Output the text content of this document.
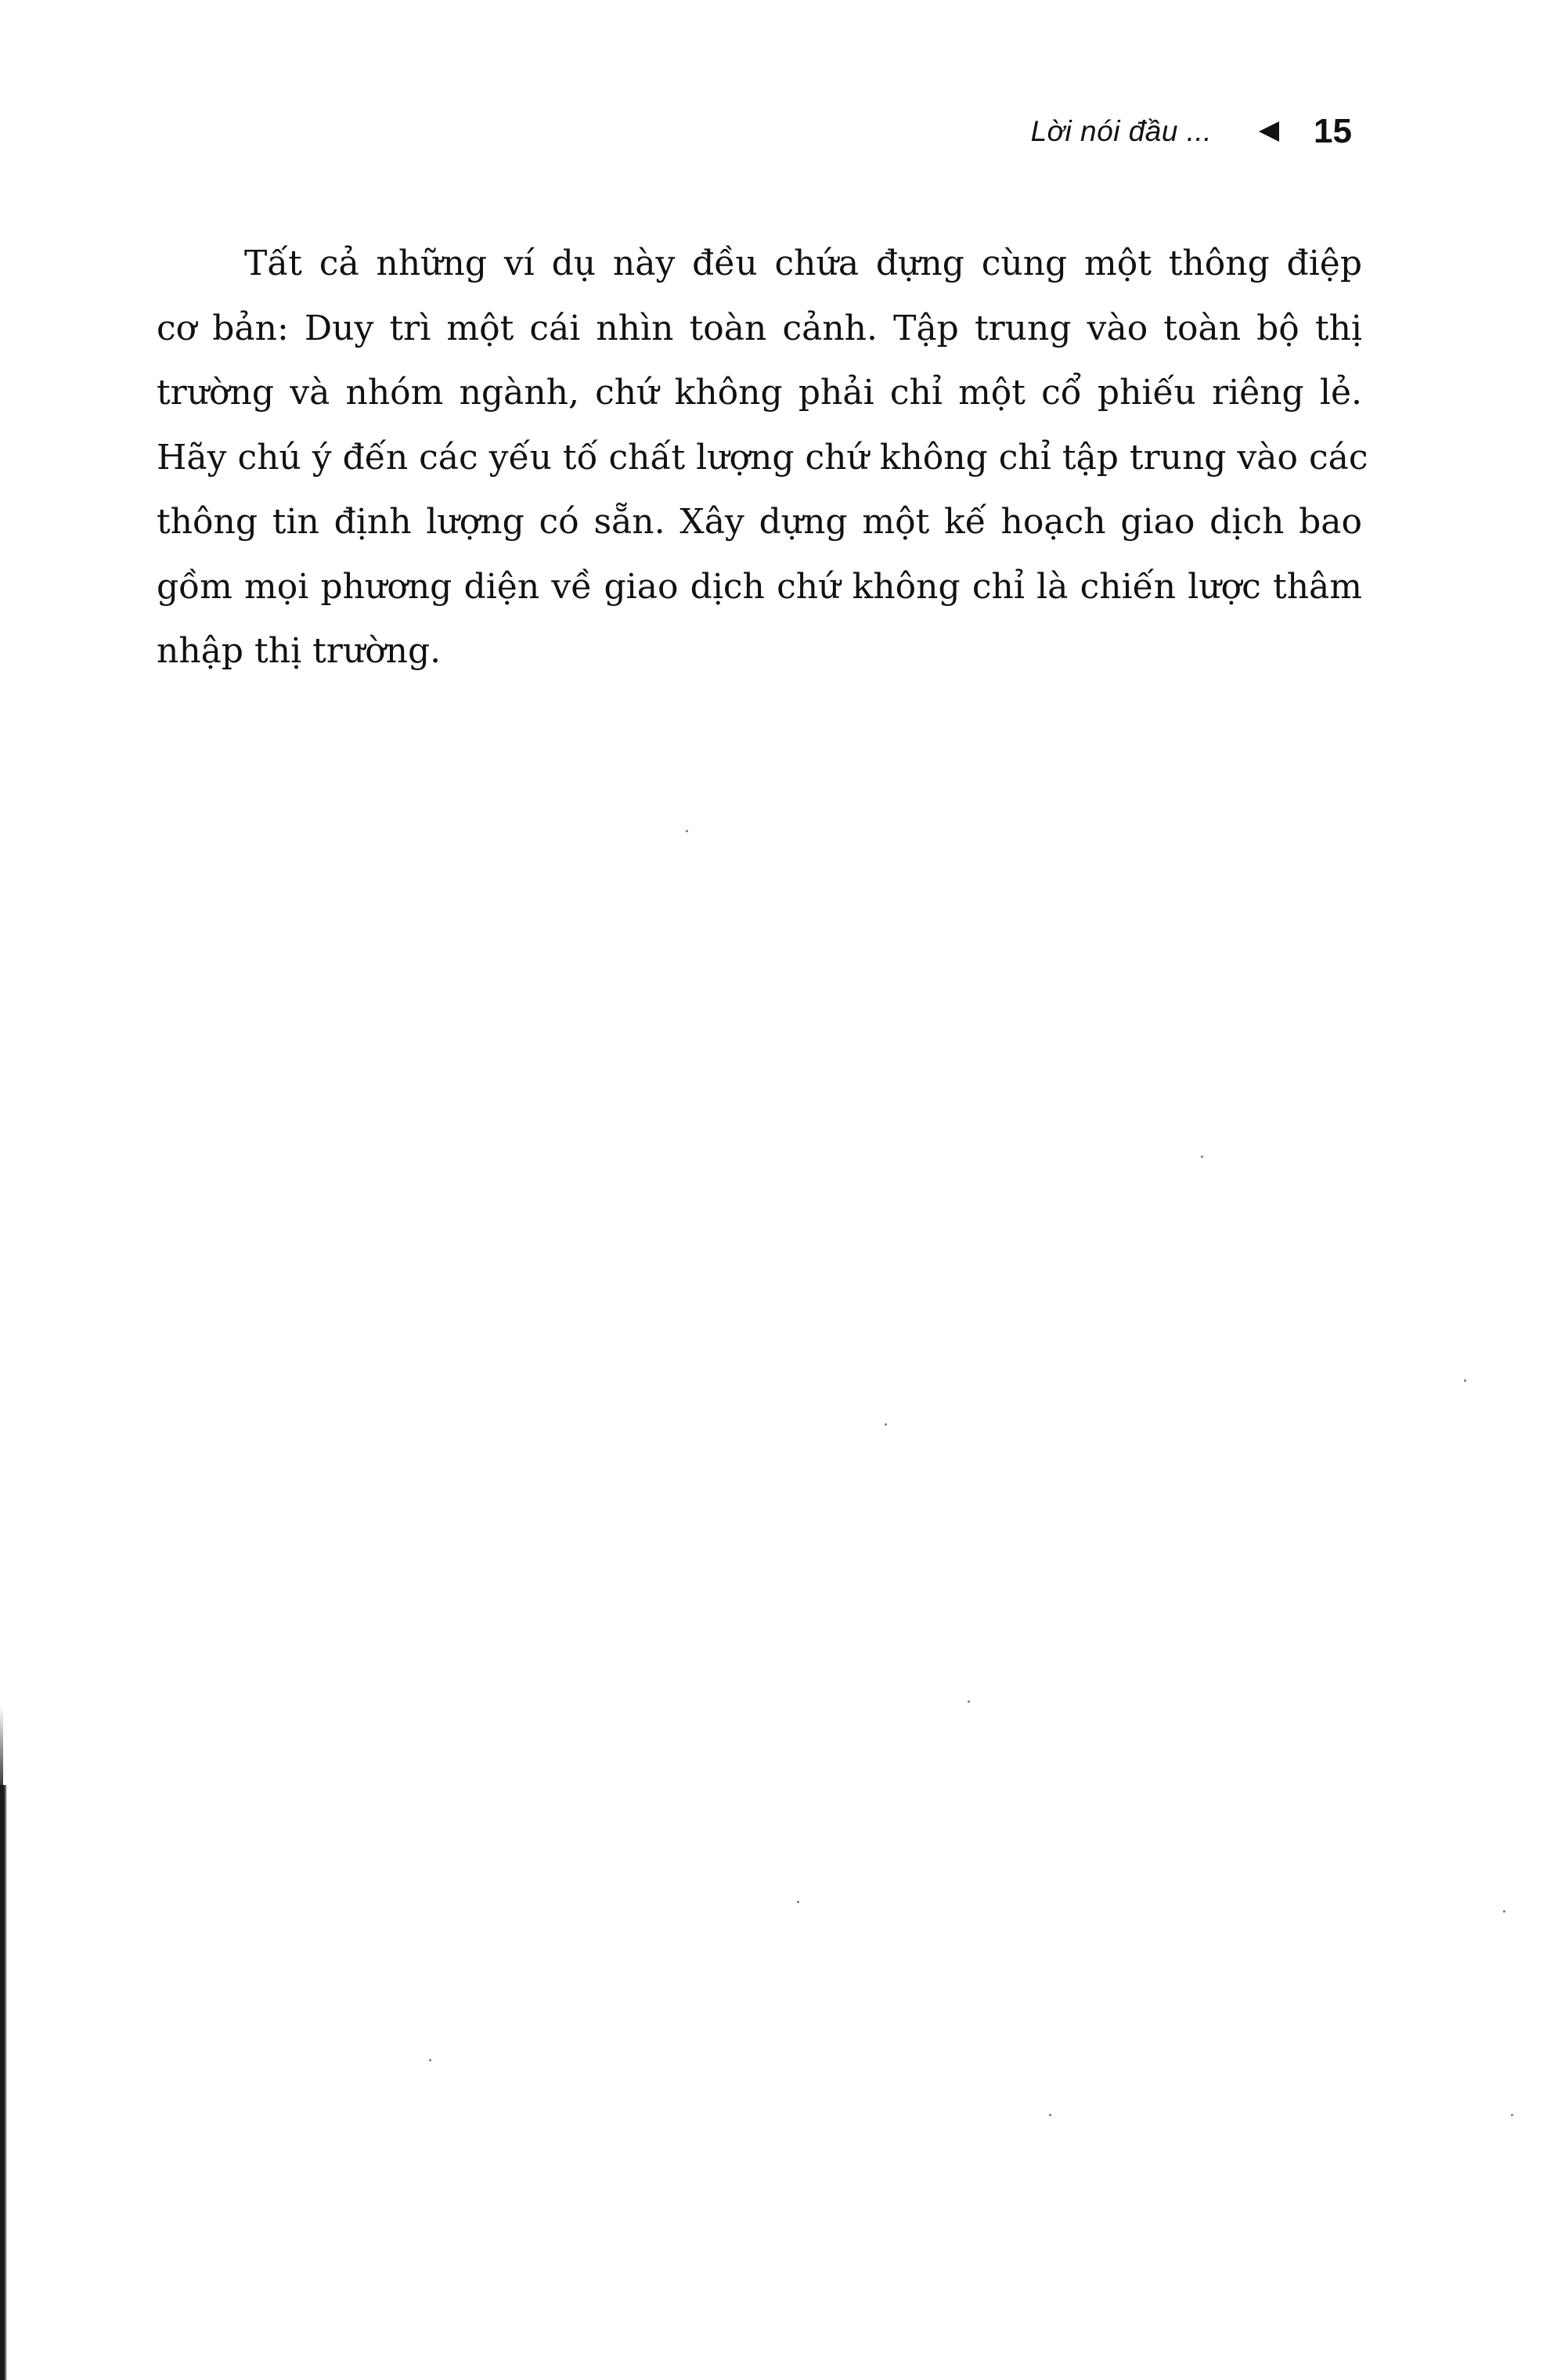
Lời nói đầu ...	15

Tất cả những ví dụ này đều chứa đựng cùng một thông điệp
cơ bản: Duy trì một cái nhìn toàn cảnh. Tập trung vào toàn bộ thị
trường và nhóm ngành, chứ không phải chỉ một cổ phiếu riêng lẻ.
Hãy chú ý đến các yếu tố chất lượng chứ không chỉ tập trung vào các
thông tin định lượng có sẵn. Xây dựng một kế hoạch giao dịch bao
gồm mọi phương diện về giao dịch chứ không chỉ là chiến lược thâm
nhập thị trường.
